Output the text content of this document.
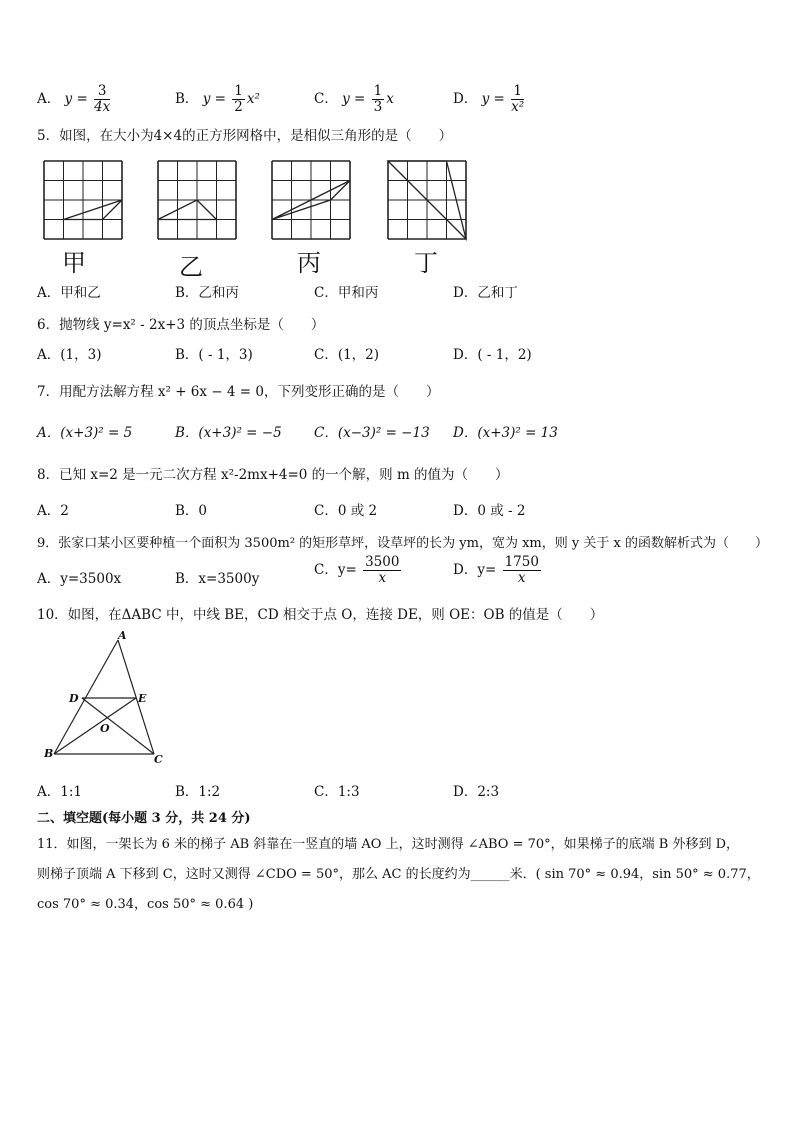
A． $y = \frac{3}{4x}$	B． $y = \frac{1}{2} x^2$	C． $y = \frac{1}{3}$ x	D． $y = \frac{1}{\text{x²}}$
5．如图，在大小为4×4的正方形网格中，是相似三角形的是（　　）
甲	乙	丙	丁
A．甲和乙	B．乙和丙	C．甲和丙	D．乙和丁
6．抛物线 y=x² - 2x+3 的顶点坐标是（　　）
A．(1，3)	B．( - 1，3)	C．(1，2)	D．( - 1，2)
7．用配方法解方程 x² + 6x − 4 = 0，下列变形正确的是（　　）
A．(x+3)² = 5	B．(x+3)² = −5 C．(x−3)² = −13 D．(x+3)² = 13
8．已知 x=2 是一元二次方程 x²-2mx+4=0 的一个解，则 m 的值为（　　）
A．2	B．0	C．0 或 2	D．0 或 - 2
9．张家口某小区要种植一个面积为 3500m² 的矩形草坪，设草坪的长为 ym，宽为 xm，则 y 关于 x 的函数解析式为（　　）
A．y=3500x	B．x=3500y
C．$y= \frac{3500}{x}$	D．$y= \frac{1750}{x}$
10．如图，在ΔABC 中，中线 BE，CD 相交于点 O，连接 DE，则 OE：OB 的值是（　　）
A
D	E
O
B	C
A．1:1	B．1:2	C．1:3	D．2:3
二、填空题(每小题 3 分，共 24 分)
11．如图，一架长为 6 米的梯子 AB 斜靠在一竖直的墙 AO 上，这时测得 ∠ABO = 70°，如果梯子的底端 B 外移到 D，
则梯子顶端 A 下移到 C，这时又测得 ∠CDO = 50°，那么 AC 的长度约为______米．( sin 70° ≈ 0.94，sin 50° ≈ 0.77，
cos 70° ≈ 0.34，cos 50° ≈ 0.64 )
